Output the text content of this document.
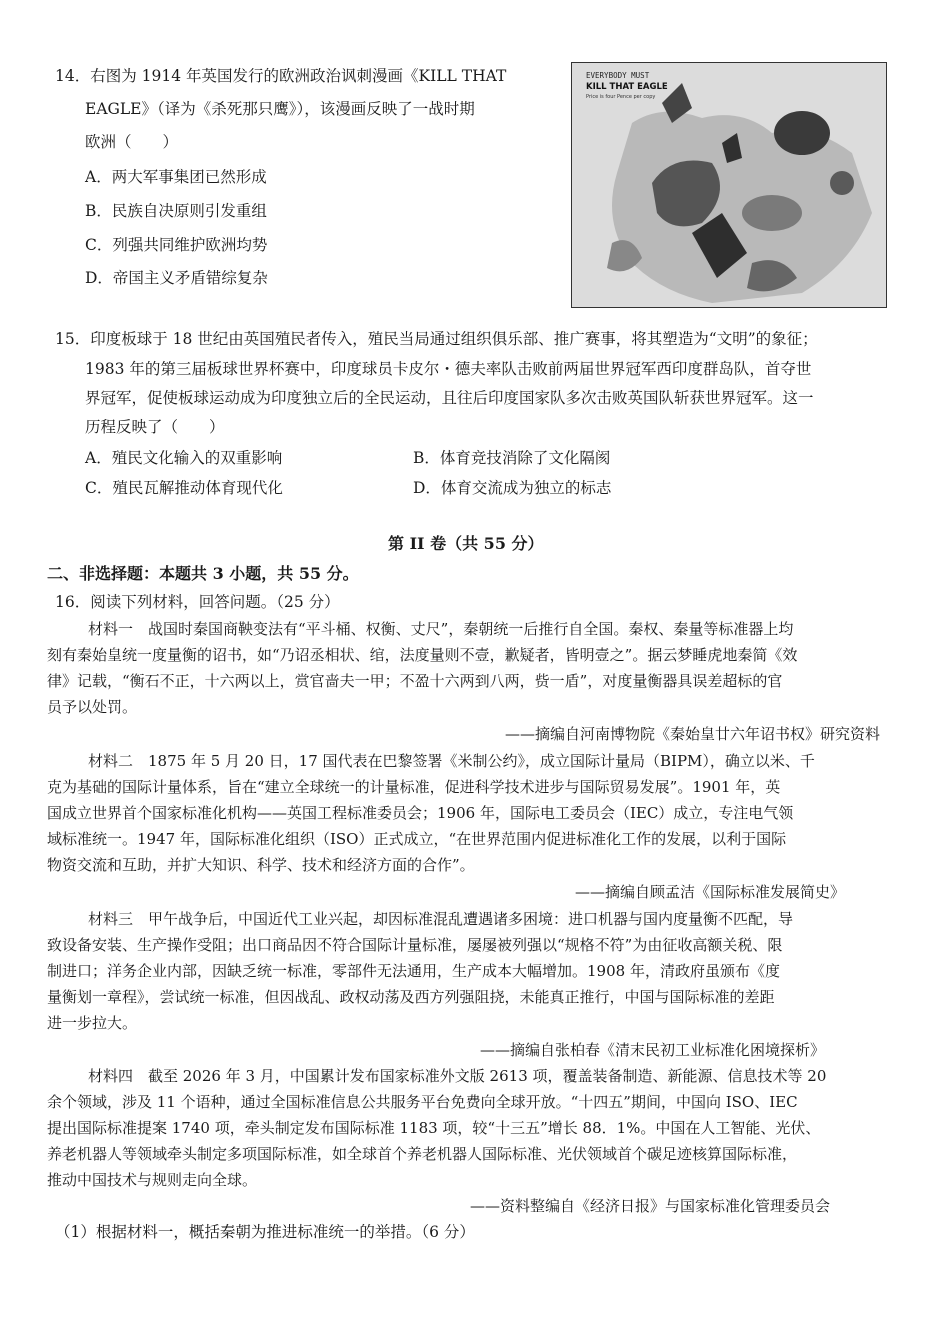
14．右图为 1914 年英国发行的欧洲政治讽刺漫画《KILL THAT
EAGLE》（译为《杀死那只鹰》），该漫画反映了一战时期
欧洲（　　）
A．两大军事集团已然形成
B．民族自决原则引发重组
C．列强共同维护欧洲均势
D．帝国主义矛盾错综复杂
EVERYBODY MUST
KILL THAT EAGLE
Price is four Pence per copy
15．印度板球于 18 世纪由英国殖民者传入，殖民当局通过组织俱乐部、推广赛事，将其塑造为“文明”的象征；
1983 年的第三届板球世界杯赛中，印度球员卡皮尔・德夫率队击败前两届世界冠军西印度群岛队，首夺世
界冠军，促使板球运动成为印度独立后的全民运动，且往后印度国家队多次击败英国队斩获世界冠军。这一
历程反映了（　　）
A．殖民文化输入的双重影响	B．体育竞技消除了文化隔阂
C．殖民瓦解推动体育现代化	D．体育交流成为独立的标志
第 II 卷（共 55 分）
二、非选择题：本题共 3 小题，共 55 分。
16．阅读下列材料，回答问题。（25 分）
材料一　战国时秦国商鞅变法有“平斗桶、权衡、丈尺”，秦朝统一后推行自全国。秦权、秦量等标准器上均
刻有秦始皇统一度量衡的诏书，如“乃诏丞相状、绾，法度量则不壹，歉疑者，皆明壹之”。据云梦睡虎地秦简《效
律》记载，“衡石不正，十六两以上，赏官啬夫一甲；不盈十六两到八两，赀一盾”，对度量衡器具误差超标的官
员予以处罚。
——摘编自河南博物院《秦始皇廿六年诏书权》研究资料
材料二　1875 年 5 月 20 日，17 国代表在巴黎签署《米制公约》，成立国际计量局（BIPM），确立以米、千
克为基础的国际计量体系，旨在“建立全球统一的计量标准，促进科学技术进步与国际贸易发展”。1901 年，英
国成立世界首个国家标准化机构——英国工程标准委员会；1906 年，国际电工委员会（IEC）成立，专注电气领
域标准统一。1947 年，国际标准化组织（ISO）正式成立，“在世界范围内促进标准化工作的发展，以利于国际
物资交流和互助，并扩大知识、科学、技术和经济方面的合作”。
——摘编自顾孟洁《国际标准发展简史》
材料三　甲午战争后，中国近代工业兴起，却因标准混乱遭遇诸多困境：进口机器与国内度量衡不匹配，导
致设备安装、生产操作受阻；出口商品因不符合国际计量标准，屡屡被列强以“规格不符”为由征收高额关税、限
制进口；洋务企业内部，因缺乏统一标准，零部件无法通用，生产成本大幅增加。1908 年，清政府虽颁布《度
量衡划一章程》，尝试统一标准，但因战乱、政权动荡及西方列强阻挠，未能真正推行，中国与国际标准的差距
进一步拉大。
——摘编自张柏春《清末民初工业标准化困境探析》
材料四　截至 2026 年 3 月，中国累计发布国家标准外文版 2613 项，覆盖装备制造、新能源、信息技术等 20
余个领域，涉及 11 个语种，通过全国标准信息公共服务平台免费向全球开放。“十四五”期间，中国向 ISO、IEC
提出国际标准提案 1740 项，牵头制定发布国际标准 1183 项，较“十三五”增长 88．1%。中国在人工智能、光伏、
养老机器人等领域牵头制定多项国际标准，如全球首个养老机器人国际标准、光伏领域首个碳足迹核算国际标准，
推动中国技术与规则走向全球。
——资料整编自《经济日报》与国家标准化管理委员会
（1）根据材料一，概括秦朝为推进标准统一的举措。（6 分）
